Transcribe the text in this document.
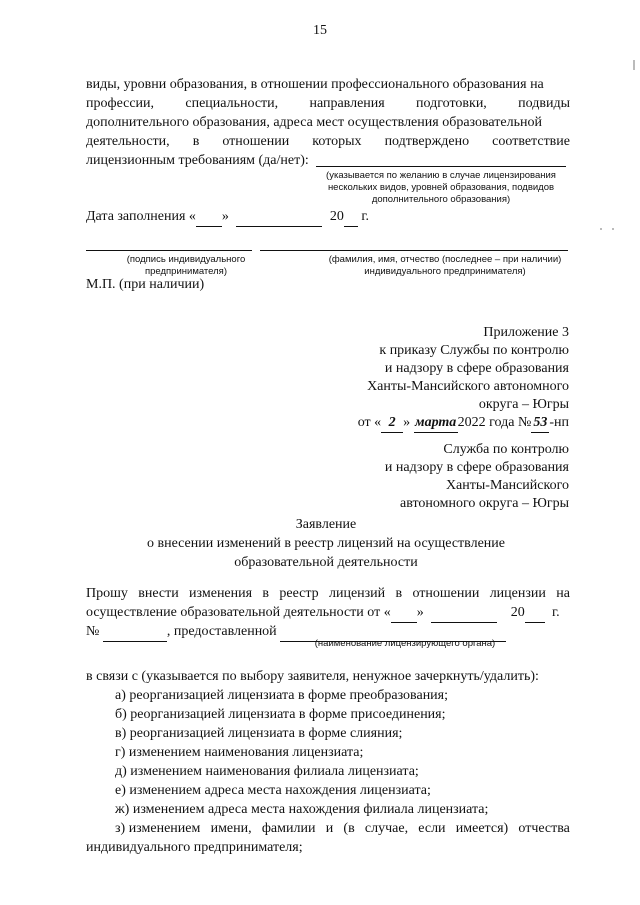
15
виды, уровни образования, в отношении профессионального образования на
профессии, специальности, направления подготовки, подвиды
дополнительного образования, адреса мест осуществления образовательной
деятельности, в отношении которых подтверждено соответствие
лицензионным требованиям (да/нет):
(указывается по желанию в случае лицензирования
нескольких видов, уровней образования, подвидов
дополнительного образования)
Дата заполнения « »	20 г.
(подпись индивидуального
предпринимателя)
(фамилия, имя, отчество (последнее – при наличии)
индивидуального предпринимателя)
М.П. (при наличии)
Приложение 3
к приказу Службы по контролю
и надзору в сфере образования
Ханты-Мансийского автономного
округа – Югры
от « 2 » марта2022 года № 53 -нп
Служба по контролю
и надзору в сфере образования
Ханты-Мансийского
автономного округа – Югры
Заявление
о внесении изменений в реестр лицензий на осуществление
образовательной деятельности
Прошу внести изменения в реестр лицензий в отношении лицензии на
осуществление образовательной деятельности от « »	20	г.
№	, предоставленной
(наименование лицензирующего органа)
в связи с (указывается по выбору заявителя, ненужное зачеркнуть/удалить):
а) реорганизацией лицензиата в форме преобразования;
б) реорганизацией лицензиата в форме присоединения;
в) реорганизацией лицензиата в форме слияния;
г) изменением наименования лицензиата;
д) изменением наименования филиала лицензиата;
е) изменением адреса места нахождения лицензиата;
ж) изменением адреса места нахождения филиала лицензиата;
з) изменением имени, фамилии и (в случае, если имеется) отчества
индивидуального предпринимателя;
